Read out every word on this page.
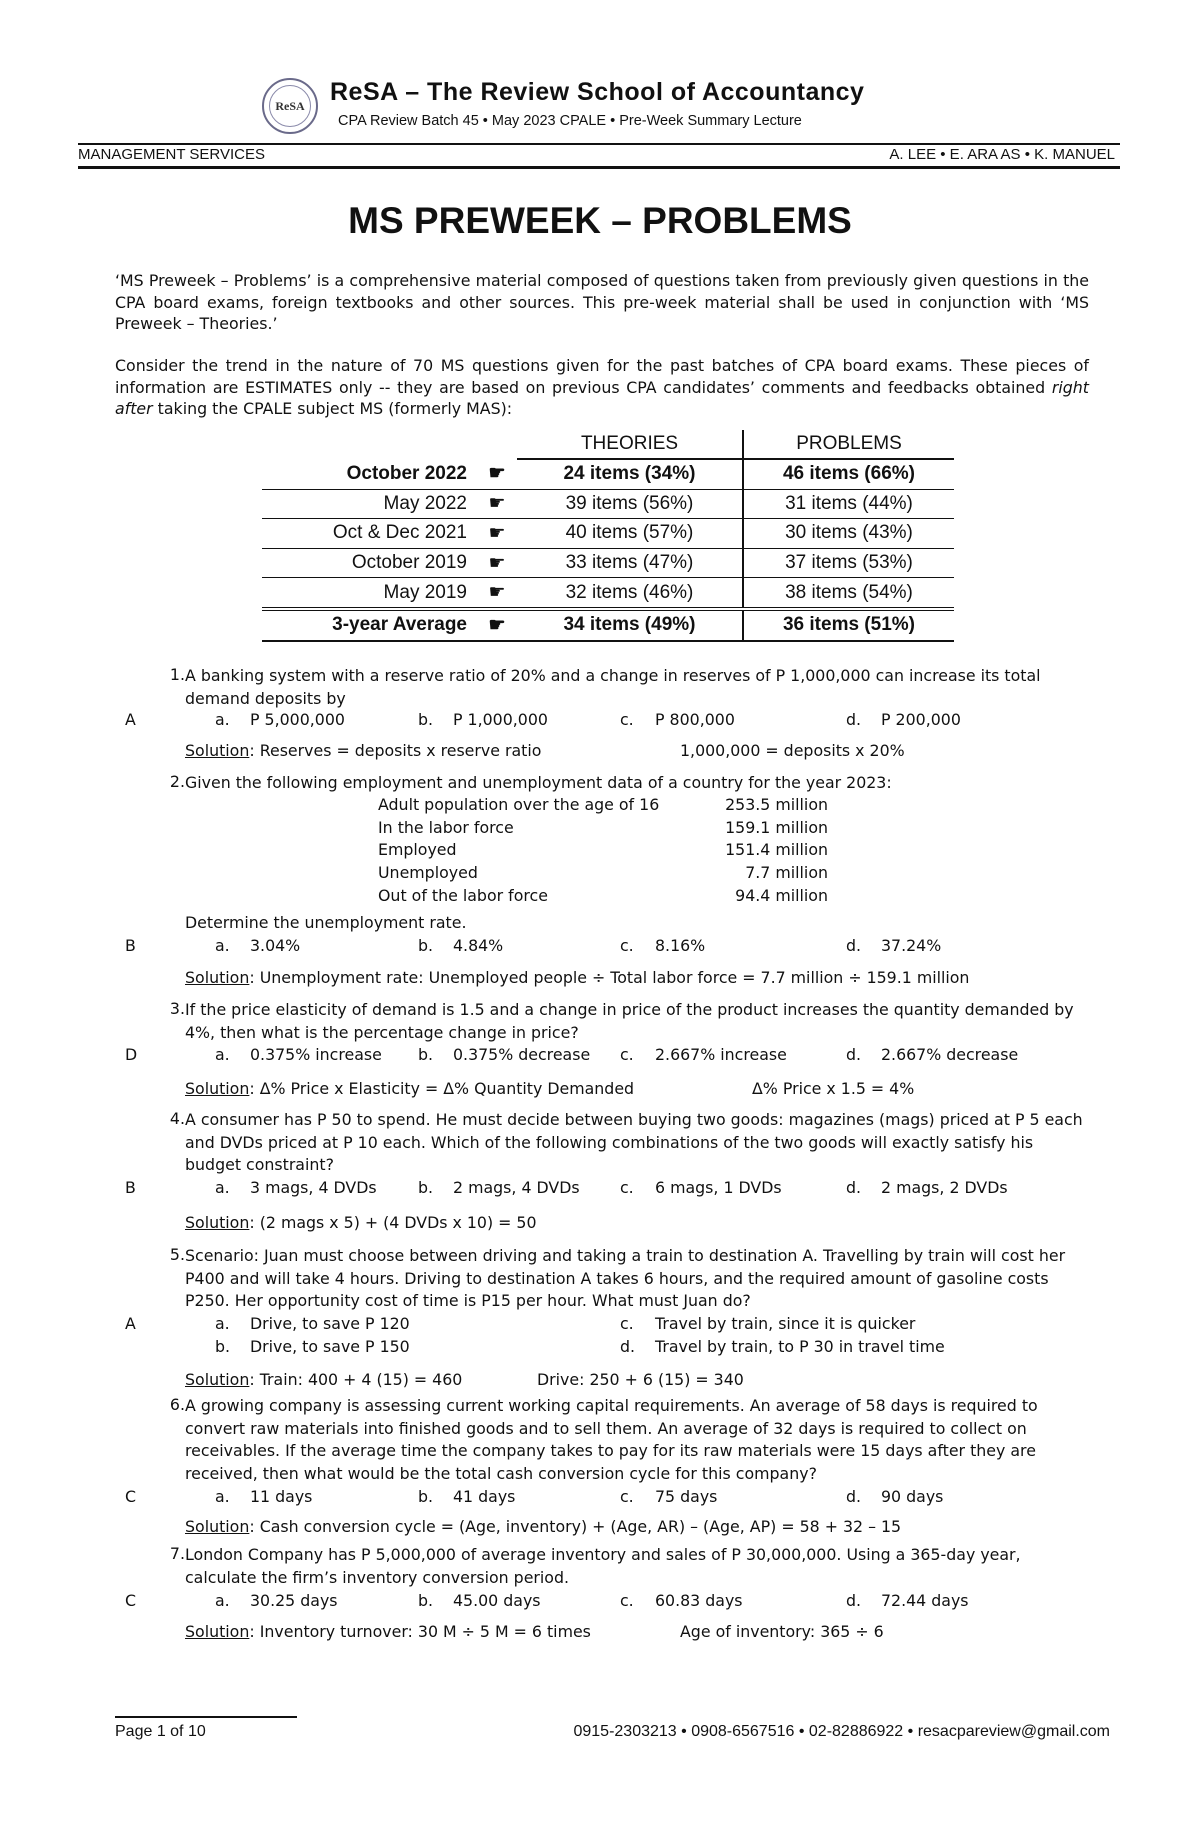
ReSA ReSA – The Review School of Accountancy
CPA Review Batch 45 • May 2023 CPALE • Pre-Week Summary Lecture
MANAGEMENT SERVICES	A. LEE • E. ARA AS • K. MANUEL
MS PREWEEK – PROBLEMS
‘MS Preweek – Problems’ is a comprehensive material composed of questions taken from previously given questions in the CPA board exams, foreign textbooks and other sources. This pre-week material shall be used in conjunction with ‘MS Preweek – Theories.’
Consider the trend in the nature of 70 MS questions given for the past batches of CPA board exams. These pieces of information are ESTIMATES only -- they are based on previous CPA candidates’ comments and feedbacks obtained right after taking the CPALE subject MS (formerly MAS):
		THEORIES	PROBLEMS
October 2022	☛	24 items (34%)	46 items (66%)
May 2022	☛	39 items (56%)	31 items (44%)
Oct & Dec 2021	☛	40 items (57%)	30 items (43%)
October 2019	☛	33 items (47%)	37 items (53%)
May 2019	☛	32 items (46%)	38 items (54%)
3-year Average	☛	34 items (49%)	36 items (51%)
1. A banking system with a reserve ratio of 20% and a change in reserves of P 1,000,000 can increase its total demand deposits by
A	a. P 5,000,000	b. P 1,000,000	c. P 800,000	d. P 200,000
Solution: Reserves = deposits x reserve ratio	1,000,000 = deposits x 20%
2. Given the following employment and unemployment data of a country for the year 2023:
Adult population over the age of 16	253.5 million
In the labor force	159.1 million
Employed	151.4 million
Unemployed	7.7 million
Out of the labor force	94.4 million
Determine the unemployment rate.
B	a. 3.04%	b. 4.84%	c. 8.16%	d. 37.24%
Solution: Unemployment rate: Unemployed people ÷ Total labor force = 7.7 million ÷ 159.1 million
3. If the price elasticity of demand is 1.5 and a change in price of the product increases the quantity demanded by 4%, then what is the percentage change in price?
D	a. 0.375% increase b. 0.375% decrease c. 2.667% increase	d. 2.667% decrease
Solution: Δ% Price x Elasticity = Δ% Quantity Demanded	Δ% Price x 1.5 = 4%
4. A consumer has P 50 to spend. He must decide between buying two goods: magazines (mags) priced at P 5 each and DVDs priced at P 10 each. Which of the following combinations of the two goods will exactly satisfy his budget constraint?
B	a. 3 mags, 4 DVDs	b. 2 mags, 4 DVDs	c. 6 mags, 1 DVDs	d. 2 mags, 2 DVDs
Solution: (2 mags x 5) + (4 DVDs x 10) = 50
5. Scenario: Juan must choose between driving and taking a train to destination A. Travelling by train will cost her P400 and will take 4 hours. Driving to destination A takes 6 hours, and the required amount of gasoline costs P250. Her opportunity cost of time is P15 per hour. What must Juan do?
A	a. Drive, to save P 120	c. Travel by train, since it is quicker
b. Drive, to save P 150	d. Travel by train, to P 30 in travel time
Solution: Train: 400 + 4 (15) = 460	Drive: 250 + 6 (15) = 340
6. A growing company is assessing current working capital requirements. An average of 58 days is required to convert raw materials into finished goods and to sell them. An average of 32 days is required to collect on receivables. If the average time the company takes to pay for its raw materials were 15 days after they are received, then what would be the total cash conversion cycle for this company?
C	a. 11 days	b. 41 days	c. 75 days	d. 90 days
Solution: Cash conversion cycle = (Age, inventory) + (Age, AR) – (Age, AP) = 58 + 32 – 15
7. London Company has P 5,000,000 of average inventory and sales of P 30,000,000. Using a 365-day year, calculate the firm’s inventory conversion period.
C	a. 30.25 days	b. 45.00 days	c. 60.83 days	d. 72.44 days
Solution: Inventory turnover: 30 M ÷ 5 M = 6 times	Age of inventory: 365 ÷ 6
Page 1 of 10	0915-2303213 • 0908-6567516 • 02-82886922 • resacpareview@gmail.com
